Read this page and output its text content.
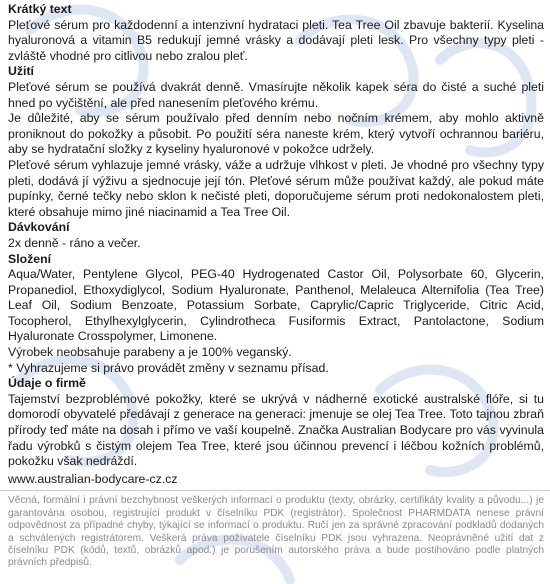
Krátký text

Pleťové sérum pro každodenní a intenzivní hydrataci pleti. Tea Tree Oil zbavuje bakterií. Kyselina hyaluronová a vitamin B5 redukují jemné vrásky a dodávají pleti lesk. Pro všechny typy pleti - zvláště vhodné pro citlivou nebo zralou pleť.

Užití

Pleťové sérum se používá dvakrát denně. Vmasírujte několik kapek séra do čisté a suché pleti hned po vyčištění, ale před nanesením pleťového krému.

Je důležité, aby se sérum používalo před denním nebo nočním krémem, aby mohlo aktivně proniknout do pokožky a působit. Po použití séra naneste krém, který vytvoří ochrannou bariéru, aby se hydratační složky z kyseliny hyaluronové v pokožce udržely.

Pleťové sérum vyhlazuje jemné vrásky, váže a udržuje vlhkost v pleti. Je vhodné pro všechny typy pleti, dodává jí výživu a sjednocuje její tón. Pleťové sérum může používat každý, ale pokud máte pupínky, černé tečky nebo sklon k nečisté pleti, doporučujeme sérum proti nedokonalostem pleti, které obsahuje mimo jiné niacinamid a Tea Tree Oil.

Dávkování

2x denně - ráno a večer.

Složení

Aqua/Water, Pentylene Glycol, PEG-40 Hydrogenated Castor Oil, Polysorbate 60, Glycerin, Propanediol, Ethoxydiglycol, Sodium Hyaluronate, Panthenol, Melaleuca Alternifolia (Tea Tree) Leaf Oil, Sodium Benzoate, Potassium Sorbate, Caprylic/Capric Triglyceride, Citric Acid, Tocopherol, Ethylhexylglycerin, Cylindrotheca Fusiformis Extract, Pantolactone, Sodium Hyaluronate Crosspolymer, Limonene.

Výrobek neobsahuje parabeny a je 100% veganský.

* Vyhrazujeme si právo provádět změny v seznamu přísad.

Údaje o firmě

Tajemství bezproblémové pokožky, které se ukrývá v nádherné exotické australské flóře, si tu domorodí obyvatelé předávají z generace na generaci: jmenuje se olej Tea Tree. Toto tajnou zbraň přírody teď máte na dosah i přímo ve vaší koupelně. Značka Australian Bodycare pro vás vyvinula řadu výrobků s čistým olejem Tea Tree, které jsou účinnou prevencí i léčbou kožních problémů, pokožku však nedráždí.

www.australian-bodycare-cz.cz

Věcná, formální i právní bezchybnost veškerých informací o produktu (texty, obrázky, certifikáty kvality a původu...) je garantována osobou, registrující produkt v číselníku PDK (registrátor). Společnost PHARMDATA nenese právní odpovědnost za případné chyby, týkající se informací o produktu. Ručí jen za správné zpracování podkladů dodaných a schválených registrátorem. Veškerá práva požívatele číselníku PDK jsou vyhrazena. Neoprávněné užití dat z číselníku PDK (kódů, textů, obrázků apod.) je porušením autorského práva a bude postihováno podle platných právních předpisů.
